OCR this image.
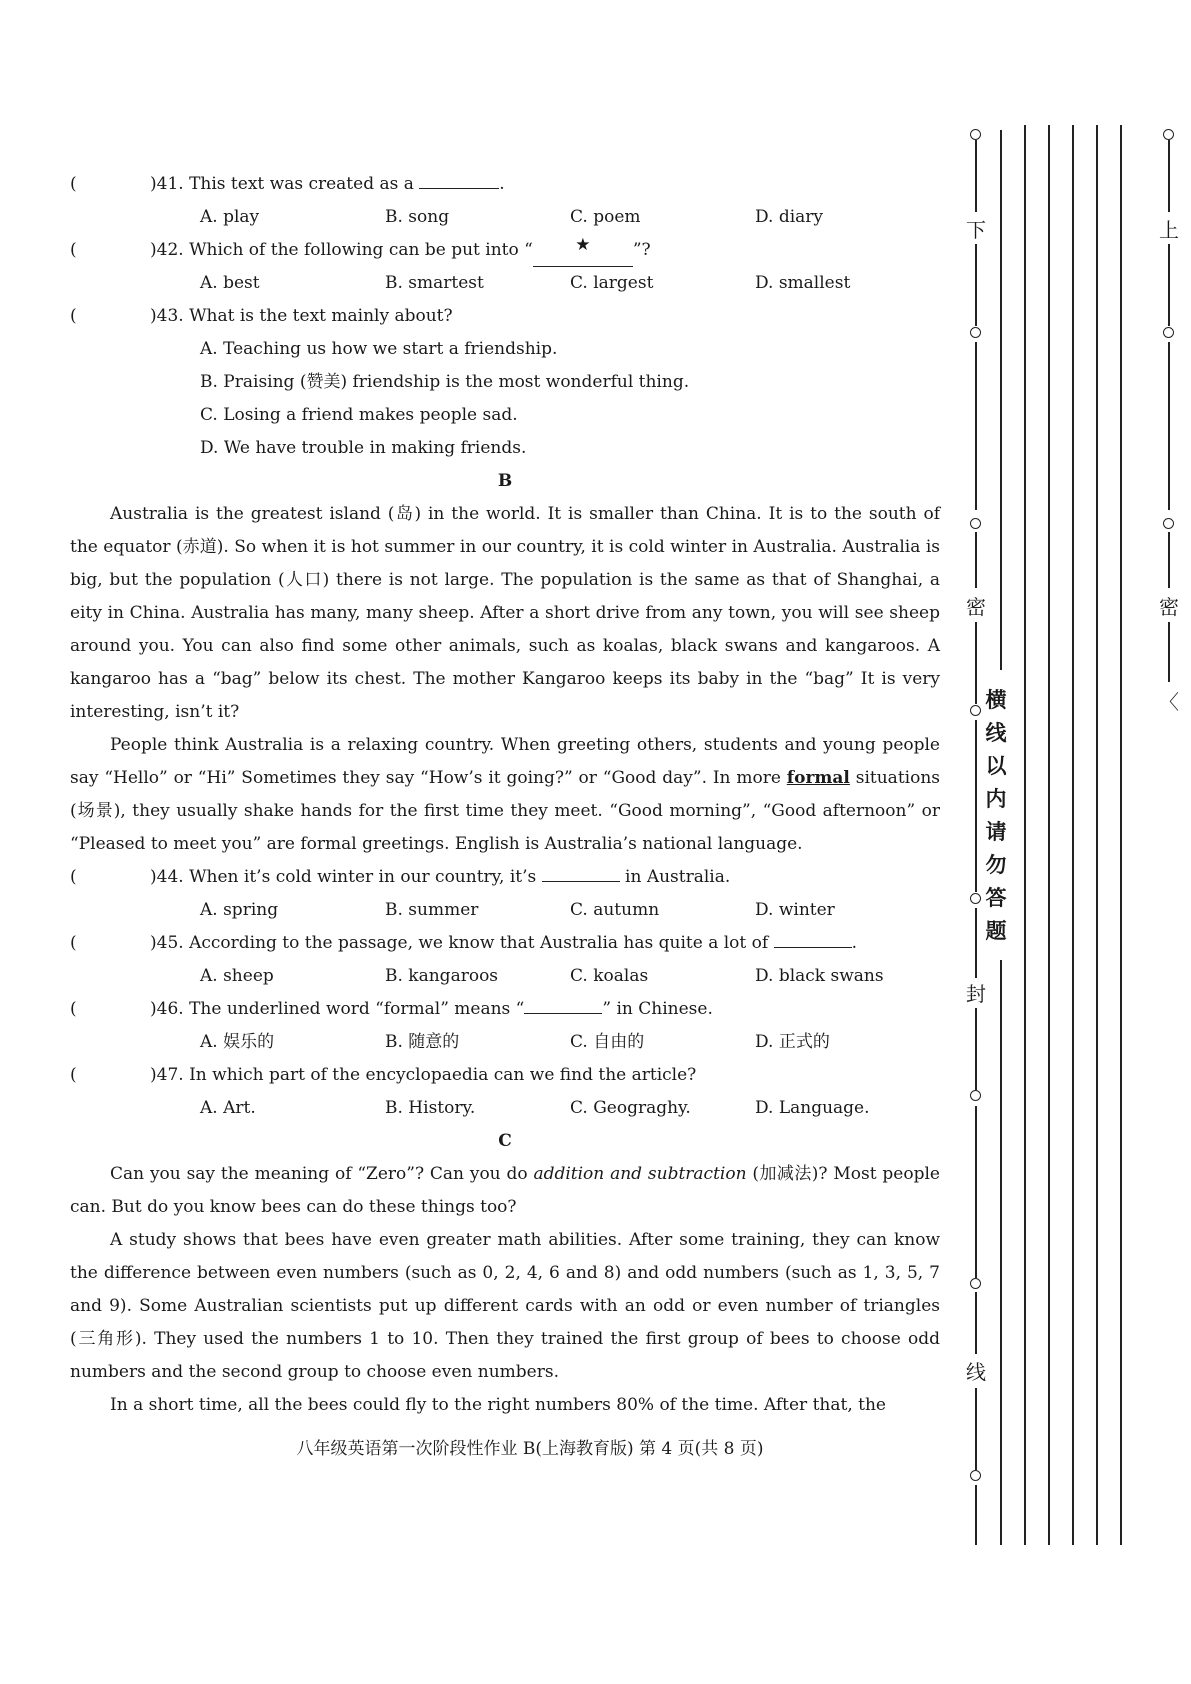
(	)41. This text was created as a
	.
A. play	B. song	C. poem	D. diary
(	)42. Which of the following can be put into “	★	”?
A. best	B. smartest	C. largest	D. smallest
(	)43. What is the text mainly about?
A. Teaching us how we start a friendship.
B. Praising (赞美) friendship is the most wonderful thing.
C. Losing a friend makes people sad.
D. We have trouble in making friends.
B

Australia is the greatest island (岛) in the world. It is smaller than China. It is to the south of the equator (赤道). So when it is hot summer in our country, it is cold winter in Australia. Australia is big, but the population (人口) there is not large. The population is the same as that of Shanghai, a eity in China. Australia has many, many sheep. After a short drive from any town, you will see sheep around you. You can also find some other animals, such as koalas, black swans and kangaroos. A kangaroo has a “bag” below its chest. The mother Kangaroo keeps its baby in the “bag” It is very interesting, isn’t it?

People think Australia is a relaxing country. When greeting others, students and young people say “Hello” or “Hi” Sometimes they say “How’s it going?” or “Good day”. In more formal situations (场景), they usually shake hands for the first time they meet. “Good morning”, “Good afternoon” or “Pleased to meet you” are formal greetings. English is Australia’s national language.

(	)44. When it’s cold winter in our country, it’s

	in Australia.
A. spring	B. summer	C. autumn	D. winter
(	)45. According to the passage, we know that Australia has quite a lot of
	.
A. sheep	B. kangaroos	C. koalas	D. black swans
(	)46. The underlined word “formal” means “	” in Chinese.
A. 娱乐的	B. 随意的	C. 自由的	D. 正式的
(	)47. In which part of the encyclopaedia can we find the article?
A. Art.	B. History.	C. Geograghy.	D. Language.
C

Can you say the meaning of “Zero”? Can you do addition and subtraction (加减法)? Most people can. But do you know bees can do these things too?

A study shows that bees have even greater math abilities. After some training, they can know the difference between even numbers (such as 0, 2, 4, 6 and 8) and odd numbers (such as 1, 3, 5, 7 and 9). Some Australian scientists put up different cards with an odd or even number of triangles (三角形). They used the numbers 1 to 10. Then they trained the first group of bees to choose odd numbers and the second group to choose even numbers.

In a short time, all the bees could fly to the right numbers 80% of the time. After that, the

八年级英语第一次阶段性作业 B(上海教育版) 第 4 页(共 8 页)
下
密
封
线
横
线
以
内
请
勿
答
题
上
密
〈
